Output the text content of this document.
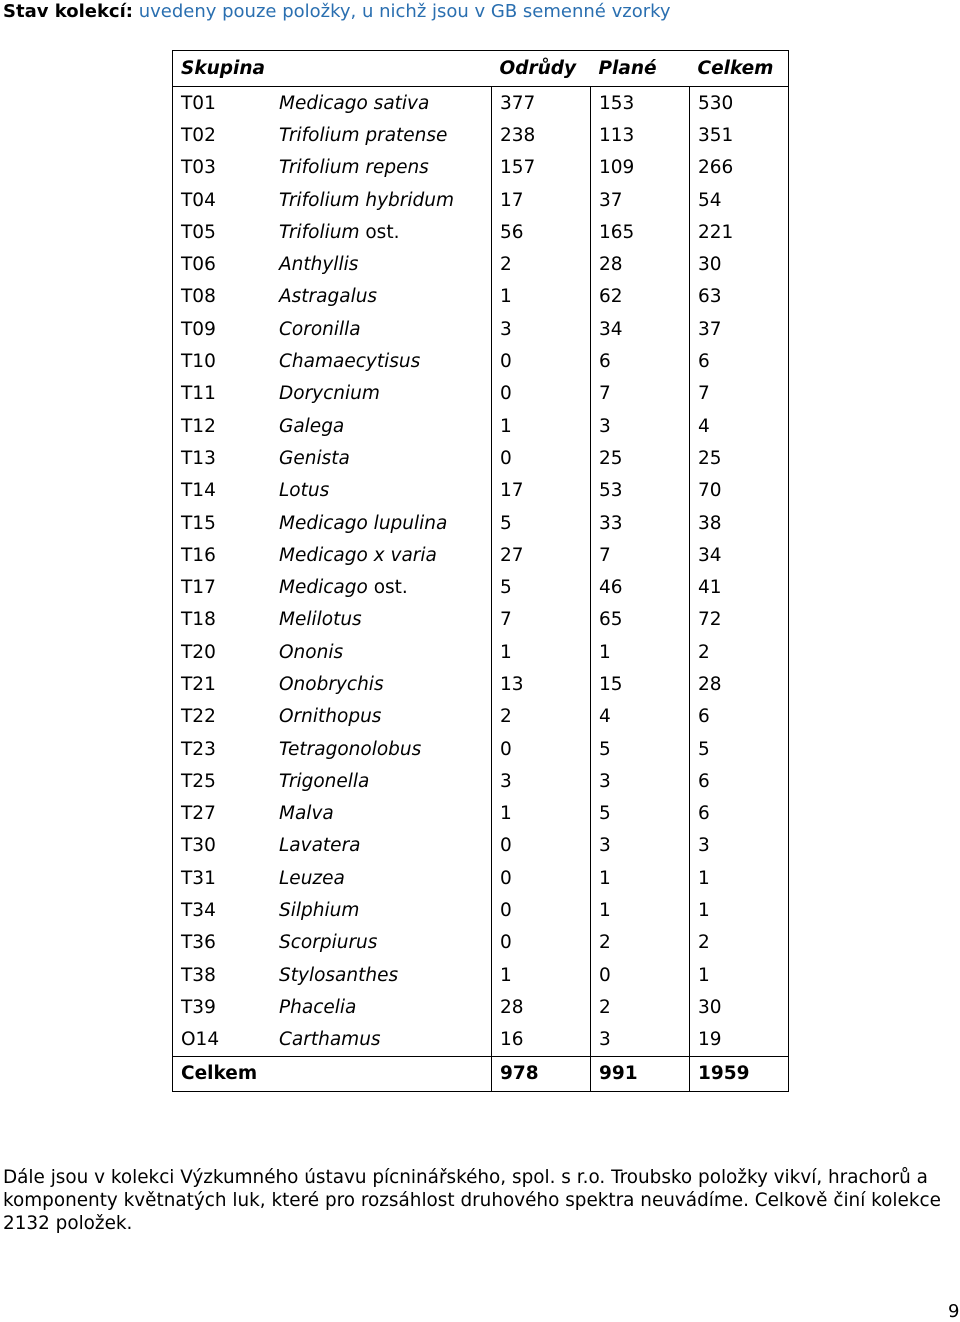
Stav kolekcí: uvedeny pouze položky, u nichž jsou v GB semenné vzorky
Skupina		Odrůdy	Plané	Celkem
T01	Medicago sativa	377	153	530
T02	Trifolium pratense	238	113	351
T03	Trifolium repens	157	109	266
T04	Trifolium hybridum	17	37	54
T05	Trifolium ost.	56	165	221
T06	Anthyllis	2	28	30
T08	Astragalus	1	62	63
T09	Coronilla	3	34	37
T10	Chamaecytisus	0	6	6
T11	Dorycnium	0	7	7
T12	Galega	1	3	4
T13	Genista	0	25	25
T14	Lotus	17	53	70
T15	Medicago lupulina	5	33	38
T16	Medicago x varia	27	7	34
T17	Medicago ost.	5	46	41
T18	Melilotus	7	65	72
T20	Ononis	1	1	2
T21	Onobrychis	13	15	28
T22	Ornithopus	2	4	6
T23	Tetragonolobus	0	5	5
T25	Trigonella	3	3	6
T27	Malva	1	5	6
T30	Lavatera	0	3	3
T31	Leuzea	0	1	1
T34	Silphium	0	1	1
T36	Scorpiurus	0	2	2
T38	Stylosanthes	1	0	1
T39	Phacelia	28	2	30
O14	Carthamus	16	3	19
Celkem		978	991	1959
Dále jsou v kolekci Výzkumného ústavu pícninářského, spol. s r.o. Troubsko položky vikví, hrachorů a komponenty květnatých luk, které pro rozsáhlost druhového spektra neuvádíme. Celkově činí kolekce 2132 položek.
9
